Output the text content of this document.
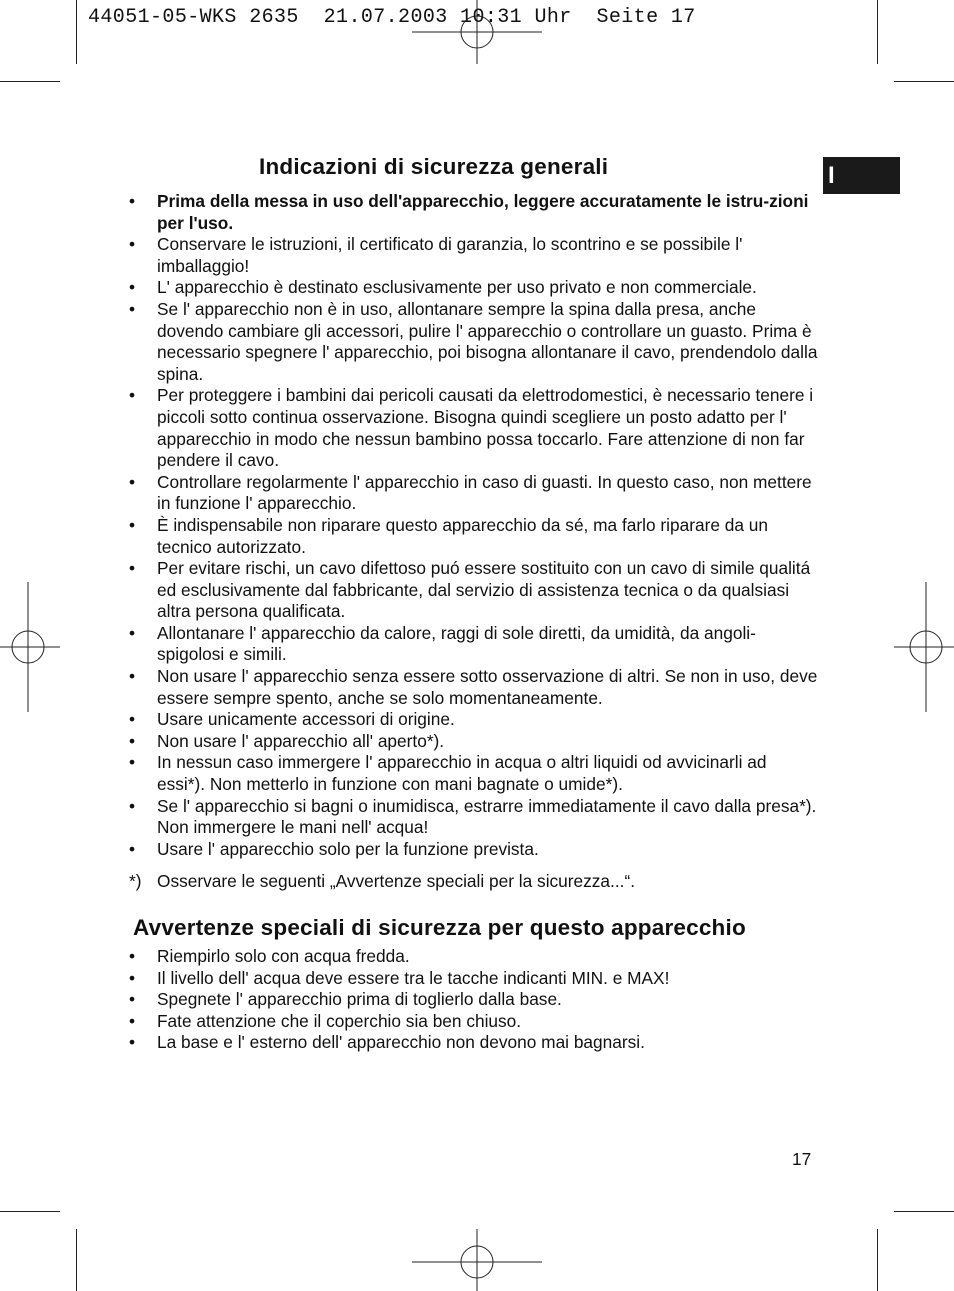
44051-05-WKS 2635  21.07.2003 10:31 Uhr  Seite 17
I
Indicazioni di sicurezza generali
• Prima della messa in uso dell'apparecchio, leggere accuratamente le istru-zioni per l'uso.
• Conservare le istruzioni, il certificato di garanzia, lo scontrino e se possibile l' imballaggio!
• L' apparecchio è destinato esclusivamente per uso privato e non commerciale.
• Se l' apparecchio non è in uso, allontanare sempre la spina dalla presa, anche dovendo cambiare gli accessori, pulire l' apparecchio o controllare un guasto. Prima è necessario spegnere l' apparecchio, poi bisogna allontanare il cavo, prendendolo dalla spina.
• Per proteggere i bambini dai pericoli causati da elettrodomestici, è necessario tenere i piccoli sotto continua osservazione. Bisogna quindi scegliere un posto adatto per l' apparecchio in modo che nessun bambino possa toccarlo. Fare attenzione di non far pendere il cavo.
• Controllare regolarmente l' apparecchio in caso di guasti. In questo caso, non mettere in funzione l' apparecchio.
• È indispensabile non riparare questo apparecchio da sé, ma farlo riparare da un tecnico autorizzato.
• Per evitare rischi, un cavo difettoso puó essere sostituito con un cavo di simile qualitá ed esclusivamente dal fabbricante, dal servizio di assistenza tecnica o da qualsiasi altra persona qualificata.
• Allontanare l' apparecchio da calore, raggi di sole diretti, da umidità, da angoli-spigolosi e simili.
• Non usare l' apparecchio senza essere sotto osservazione di altri. Se non in uso, deve essere sempre spento, anche se solo momentaneamente.
• Usare unicamente accessori di origine.
• Non usare l' apparecchio all' aperto*).
• In nessun caso immergere l' apparecchio in acqua o altri liquidi od avvicinarli ad essi*). Non metterlo in funzione con mani bagnate o umide*).
• Se l' apparecchio si bagni o inumidisca, estrarre immediatamente il cavo dalla presa*). Non immergere le mani nell' acqua!
• Usare l' apparecchio solo per la funzione prevista.
*) Osservare le seguenti „Avvertenze speciali per la sicurezza...“.
Avvertenze speciali di sicurezza per questo apparecchio
• Riempirlo solo con acqua fredda.
• Il livello dell' acqua deve essere tra le tacche indicanti MIN. e MAX!
• Spegnete l' apparecchio prima di toglierlo dalla base.
• Fate attenzione che il coperchio sia ben chiuso.
• La base e l' esterno dell' apparecchio non devono mai bagnarsi.
17
